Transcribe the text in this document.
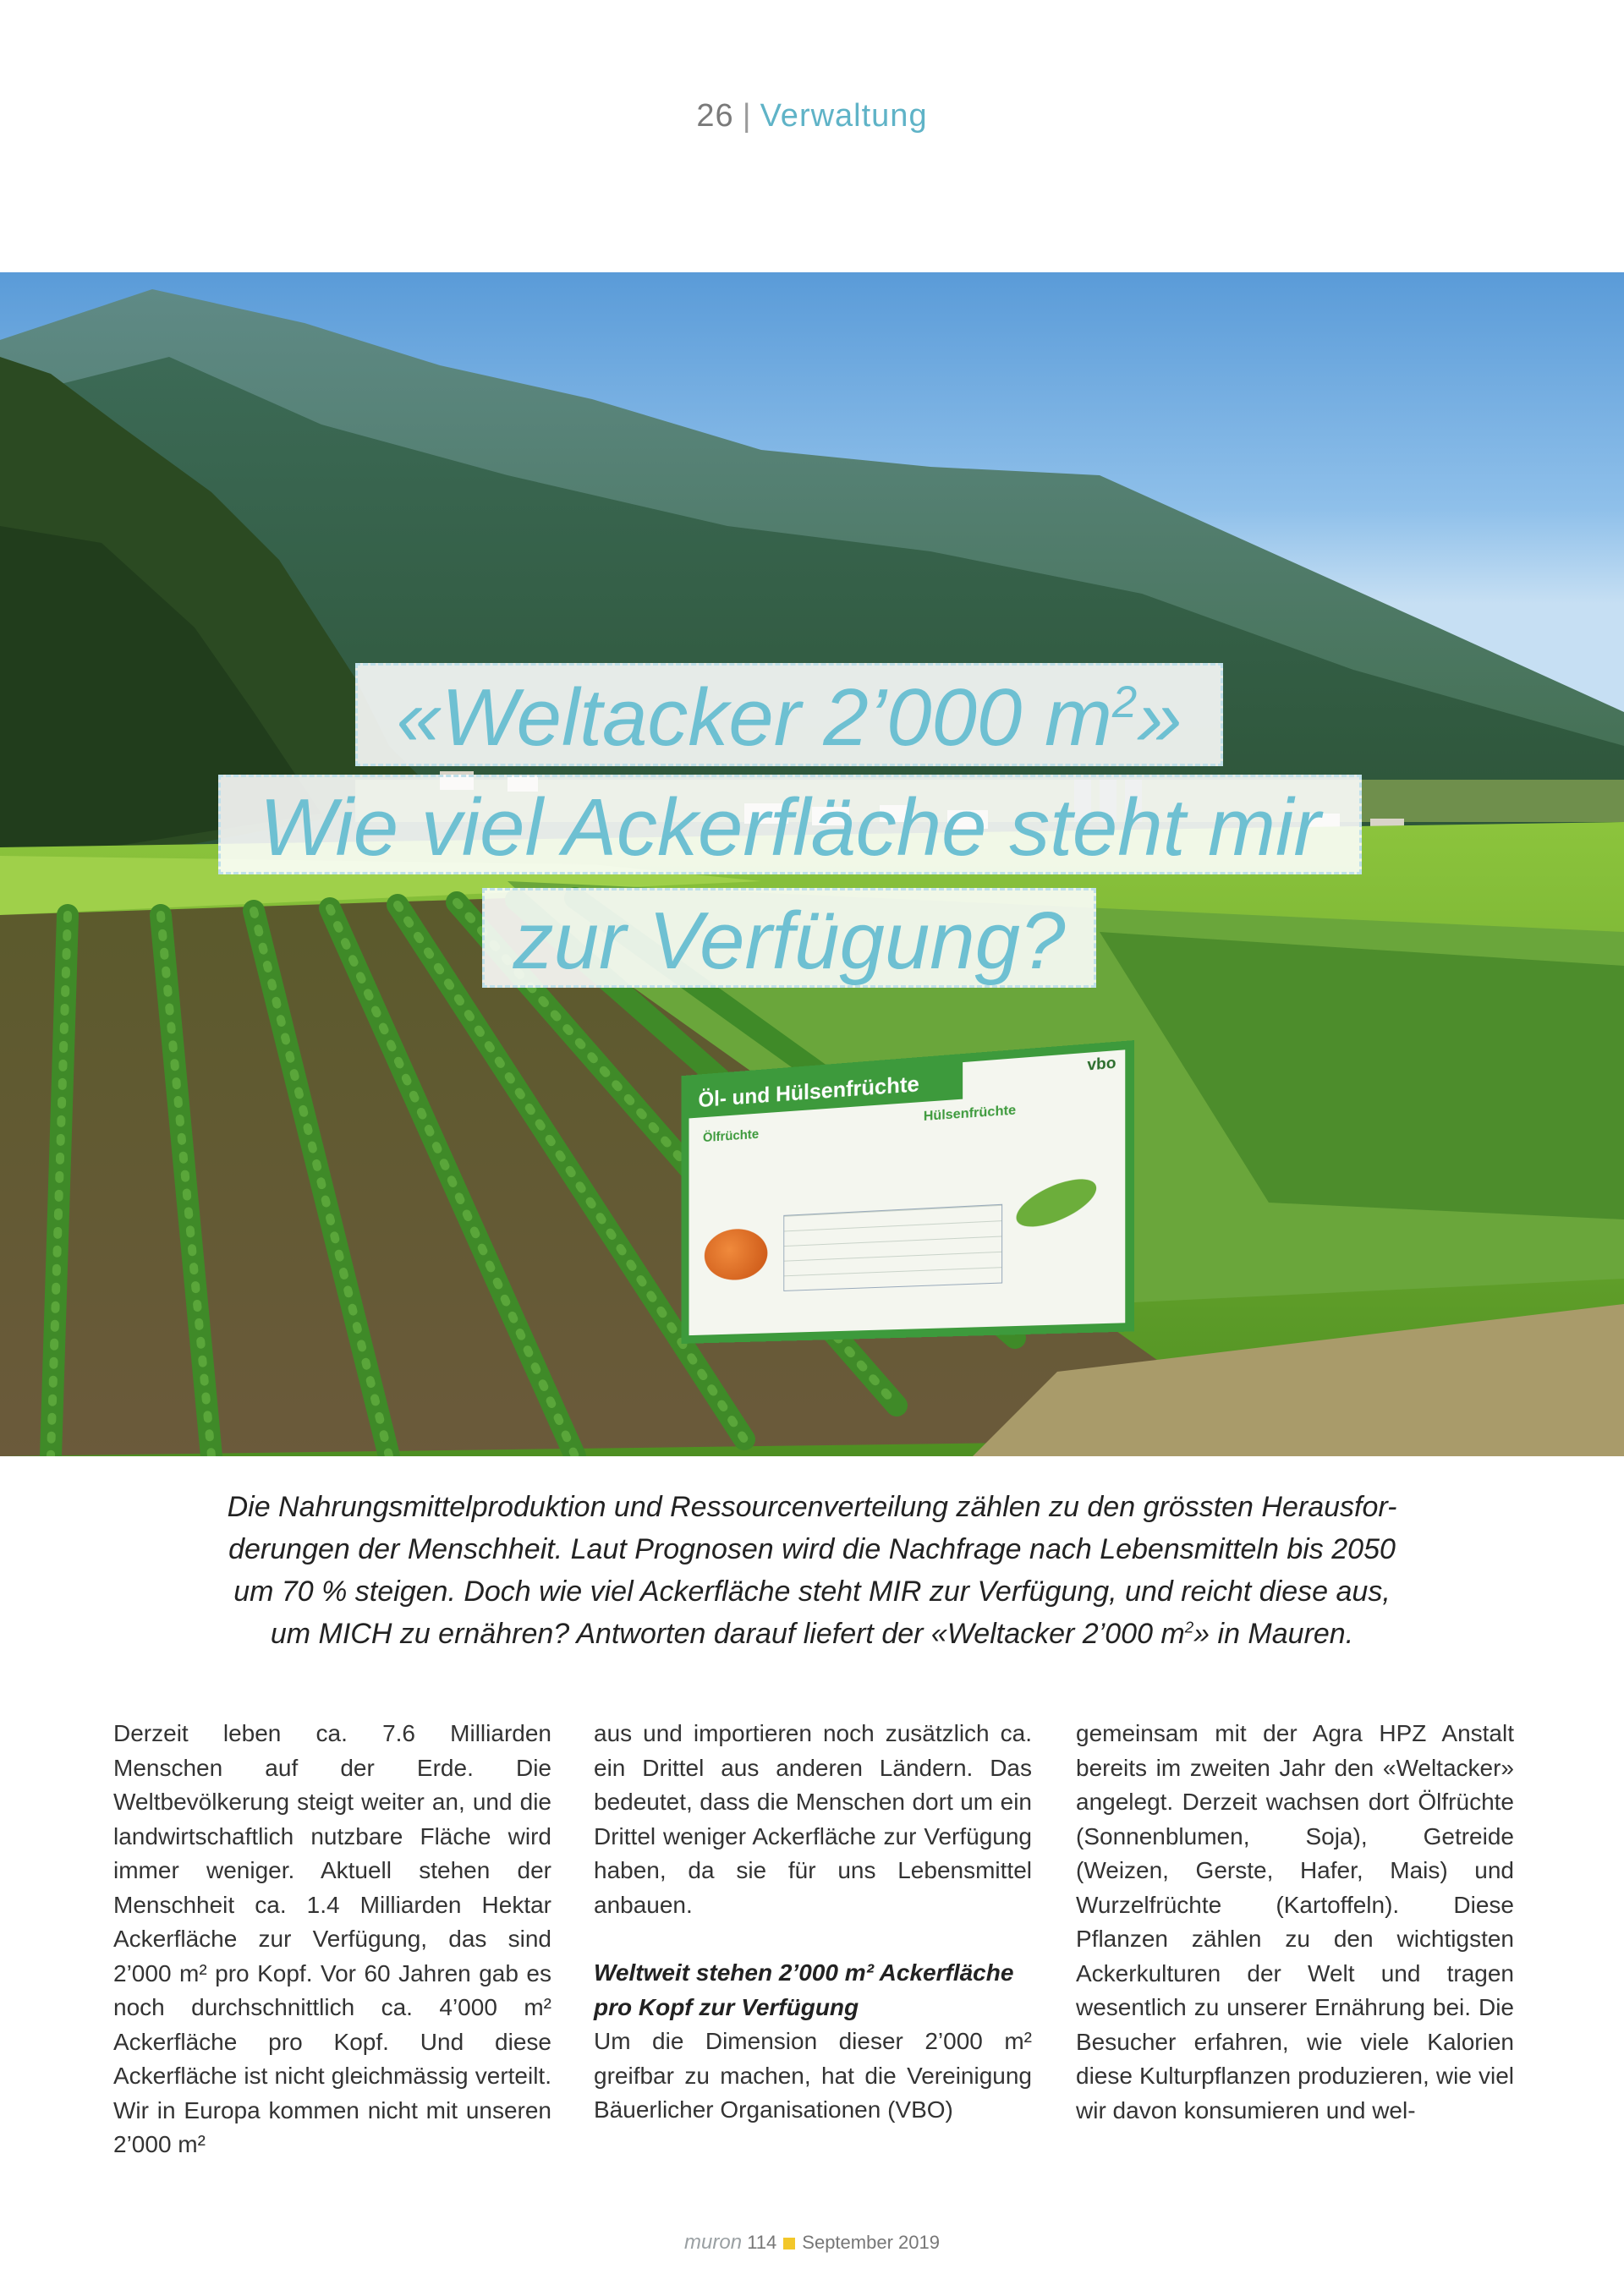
26 | Verwaltung
«Weltacker 2’000 $m^2$»
Wie viel Ackerfläche steht mir
zur Verfügung?
Öl- und Hülsenfrüchte
vbo
Ölfrüchte
Hülsenfrüchte
Die Nahrungsmittelproduktion und Ressourcenverteilung zählen zu den grössten Herausfor-
derungen der Menschheit. Laut Prognosen wird die Nachfrage nach Lebensmitteln bis 2050
um 70 % steigen. Doch wie viel Ackerfläche steht MIR zur Verfügung, und reicht diese aus,
um MICH zu ernähren? Antworten darauf liefert der «Weltacker 2’000 $m^2$» in Mauren.

Derzeit leben ca. 7.6 Milliarden Menschen auf der Erde. Die Weltbevölkerung steigt weiter an, und die landwirtschaftlich nutzbare Fläche wird immer weniger. Aktuell stehen der Menschheit ca. 1.4 Milliarden Hektar Ackerfläche zur Verfügung, das sind 2’000 m² pro Kopf. Vor 60 Jahren gab es noch durchschnittlich ca. 4’000 m² Ackerfläche pro Kopf. Und diese Ackerfläche ist nicht gleichmässig verteilt. Wir in Europa kommen nicht mit unseren 2’000 m²

aus und importieren noch zusätzlich ca. ein Drittel aus anderen Ländern. Das bedeutet, dass die Menschen dort um ein Drittel weniger Ackerfläche zur Verfügung haben, da sie für uns Lebensmittel anbauen.

Weltweit stehen 2’000 m² Ackerfläche pro Kopf zur Verfügung

Um die Dimension dieser 2’000 m² greifbar zu machen, hat die Vereinigung Bäuerlicher Organisationen (VBO)

gemeinsam mit der Agra HPZ Anstalt bereits im zweiten Jahr den «Weltacker» angelegt. Derzeit wachsen dort Ölfrüchte (Sonnenblumen, Soja), Getreide (Weizen, Gerste, Hafer, Mais) und Wurzelfrüchte (Kartoffeln). Diese Pflanzen zählen zu den wichtigsten Ackerkulturen der Welt und tragen wesentlich zu unserer Ernährung bei. Die Besucher erfahren, wie viele Kalorien diese Kulturpflanzen produzieren, wie viel wir davon konsumieren und wel-

muron 114 September 2019
